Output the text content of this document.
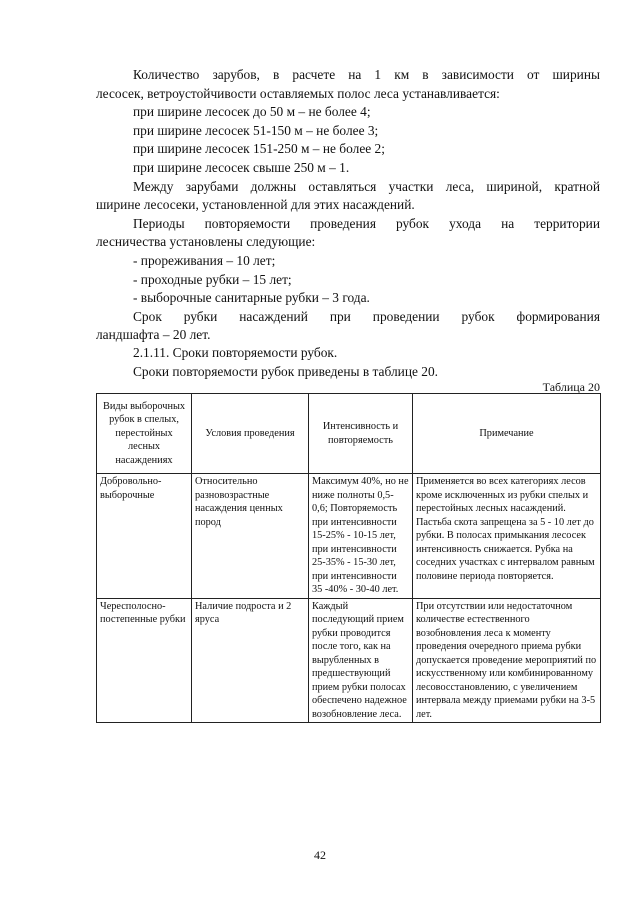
Количество зарубов, в расчете на 1 км в зависимости от ширины

лесосек, ветроустойчивости оставляемых полос леса устанавливается:

при ширине лесосек до 50 м – не более 4;

при ширине лесосек 51-150 м – не более 3;

при ширине лесосек 151-250 м – не более 2;

при ширине лесосек свыше 250 м – 1.

Между зарубами должны оставляться участки леса, шириной, кратной

ширине лесосеки, установленной для этих насаждений.

Периоды повторяемости проведения рубок ухода на территории

лесничества установлены следующие:

- прореживания – 10 лет;

- проходные рубки – 15 лет;

- выборочные санитарные рубки – 3 года.

Срок рубки насаждений при проведении рубок формирования

ландшафта – 20 лет.

2.1.11. Сроки повторяемости рубок.
Сроки повторяемости рубок приведены в таблице 20.
Таблица 20
Виды выборочных рубок в спелых, перестойных лесных насаждениях	Условия проведения	Интенсивность и повторяемость	Примечание
Добровольно-выборочные	Относительно разновозрастные насаждения ценных пород	Максимум 40%, но не ниже полноты 0,5-0,6; Повторяемость при интенсивности 15-25% - 10-15 лет, при интенсивности 25-35% - 15-30 лет, при интенсивности 35 -40% - 30-40 лет.	Применяется во всех категориях лесов кроме исключенных из рубки спелых и перестойных лесных насаждений. Пастьба скота запрещена за 5 - 10 лет до рубки. В полосах примыкания лесосек интенсивность снижается. Рубка на соседних участках с интервалом равным половине периода повторяется.
Чересполосно-постепенные рубки	Наличие подроста и 2 яруса	Каждый последующий прием рубки проводится после того, как на вырубленных в предшествующий прием рубки полосах обеспечено надежное возобновление леса.	При отсутствии или недостаточном количестве естественного возобновления леса к моменту проведения очередного приема рубки допускается проведение мероприятий по искусственному или комбинированному лесовосстановлению, с увеличением интервала между приемами рубки на 3-5 лет.
42
